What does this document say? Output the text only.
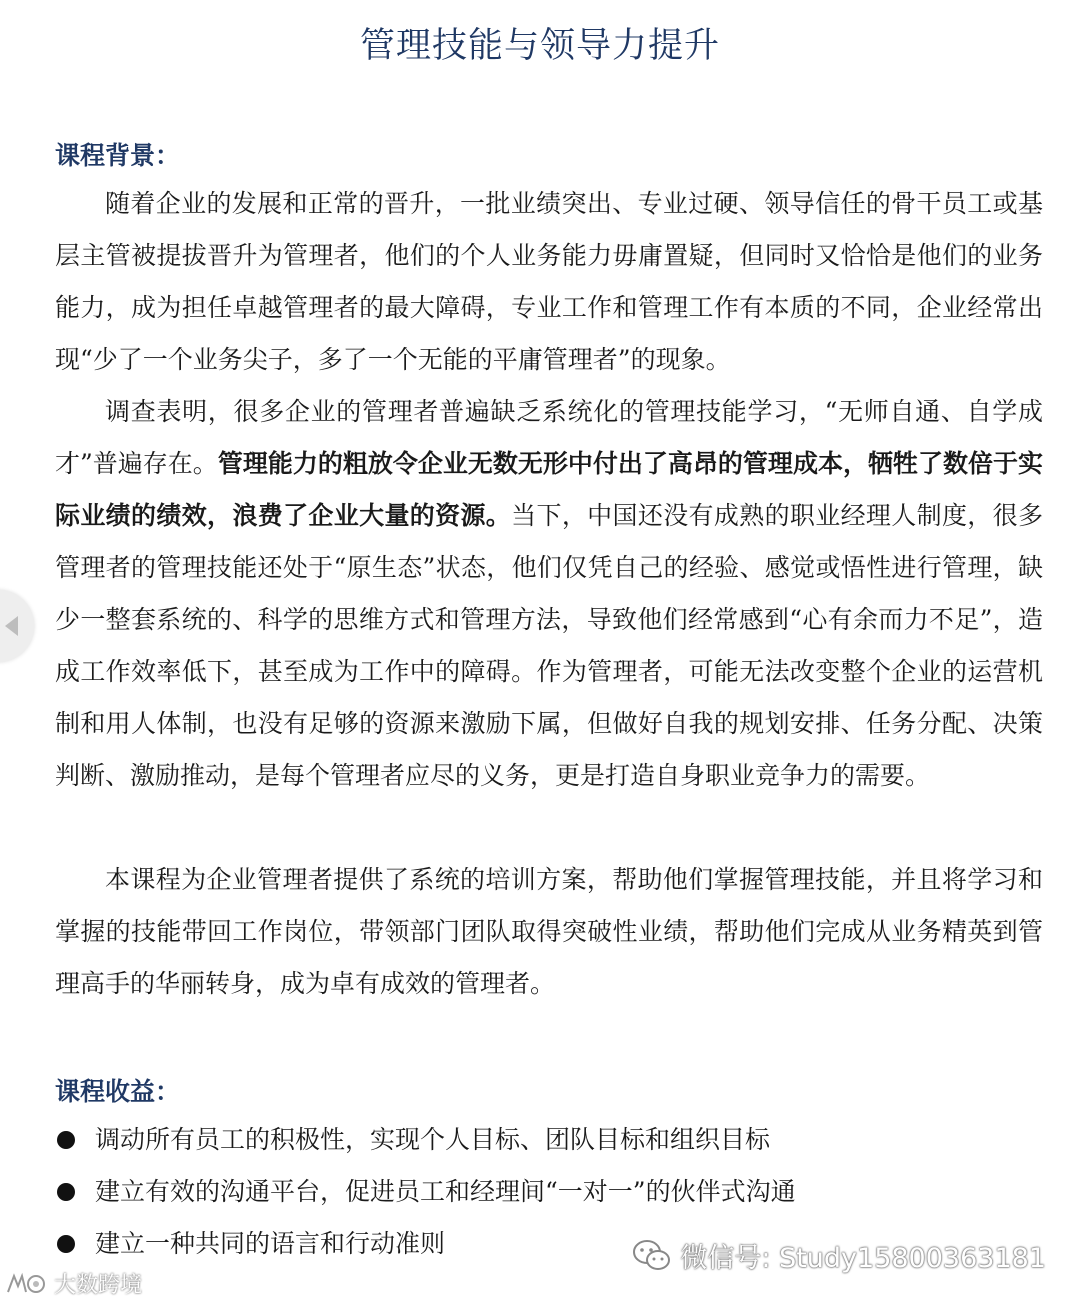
管理技能与领导力提升
课程背景：
随着企业的发展和正常的晋升，一批业绩突出、专业过硬、领导信任的骨干员工或基层主管被提拔晋升为管理者，他们的个人业务能力毋庸置疑，但同时又恰恰是他们的业务能力，成为担任卓越管理者的最大障碍，专业工作和管理工作有本质的不同，企业经常出现“少了一个业务尖子，多了一个无能的平庸管理者”的现象。
调查表明，很多企业的管理者普遍缺乏系统化的管理技能学习，“无师自通、自学成才”普遍存在。管理能力的粗放令企业无数无形中付出了高昂的管理成本，牺牲了数倍于实际业绩的绩效，浪费了企业大量的资源。当下，中国还没有成熟的职业经理人制度，很多管理者的管理技能还处于“原生态”状态，他们仅凭自己的经验、感觉或悟性进行管理，缺少一整套系统的、科学的思维方式和管理方法，导致他们经常感到“心有余而力不足”，造成工作效率低下，甚至成为工作中的障碍。作为管理者，可能无法改变整个企业的运营机制和用人体制，也没有足够的资源来激励下属，但做好自我的规划安排、任务分配、决策判断、激励推动，是每个管理者应尽的义务，更是打造自身职业竞争力的需要。
本课程为企业管理者提供了系统的培训方案，帮助他们掌握管理技能，并且将学习和掌握的技能带回工作岗位，带领部门团队取得突破性业绩，帮助他们完成从业务精英到管理高手的华丽转身，成为卓有成效的管理者。
课程收益：
调动所有员工的积极性，实现个人目标、团队目标和组织目标
建立有效的沟通平台，促进员工和经理间“一对一”的伙伴式沟通
建立一种共同的语言和行动准则	微信号: Study15800363181
大数跨境
